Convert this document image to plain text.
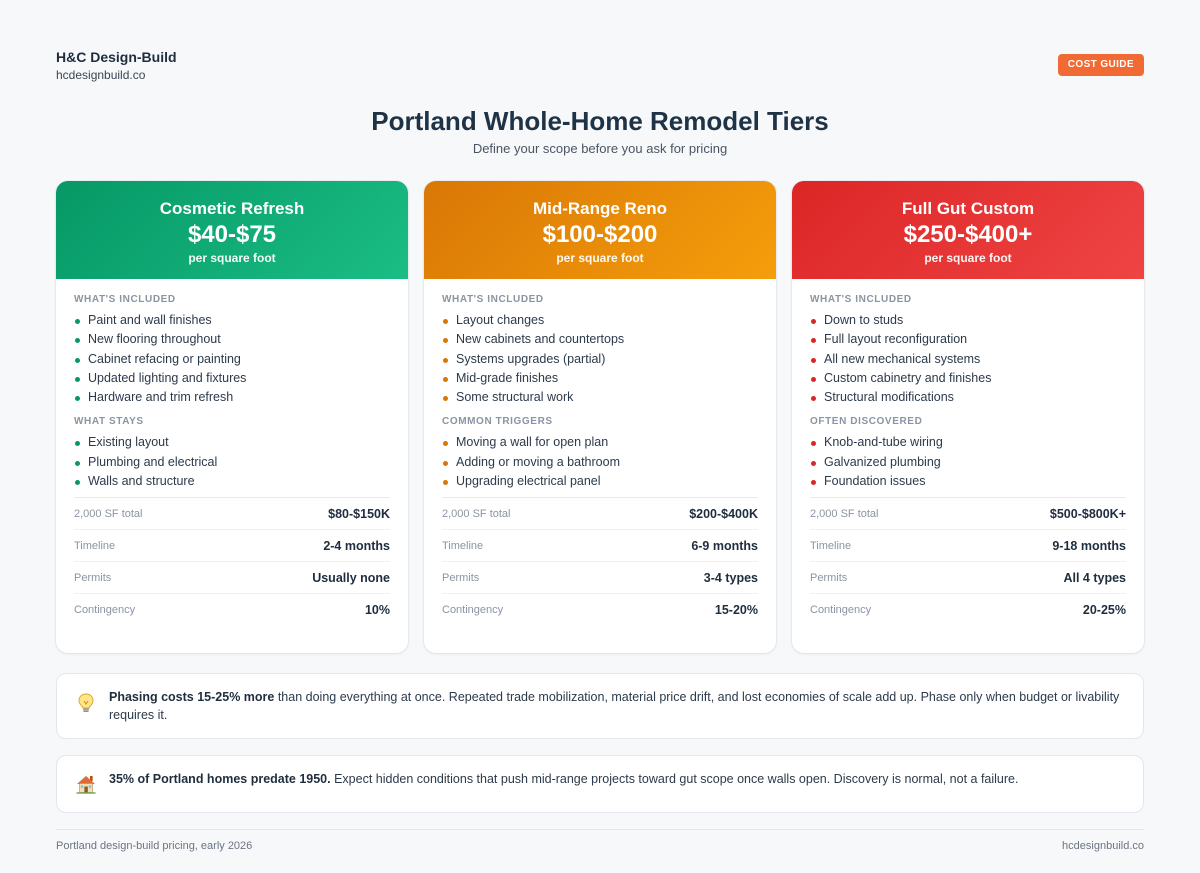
H&C Design-Build
hcdesignbuild.co
COST GUIDE
Portland Whole-Home Remodel Tiers
Define your scope before you ask for pricing
Cosmetic Refresh
$40-$75
per square foot
WHAT'S INCLUDED
Paint and wall finishes
New flooring throughout
Cabinet refacing or painting
Updated lighting and fixtures
Hardware and trim refresh
WHAT STAYS
Existing layout
Plumbing and electrical
Walls and structure
2,000 SF total	$80-$150K
Timeline	2-4 months
Permits	Usually none
Contingency	10%
Mid-Range Reno
$100-$200
per square foot
WHAT'S INCLUDED
Layout changes
New cabinets and countertops
Systems upgrades (partial)
Mid-grade finishes
Some structural work
COMMON TRIGGERS
Moving a wall for open plan
Adding or moving a bathroom
Upgrading electrical panel
2,000 SF total	$200-$400K
Timeline	6-9 months
Permits	3-4 types
Contingency	15-20%
Full Gut Custom
$250-$400+
per square foot
WHAT'S INCLUDED
Down to studs
Full layout reconfiguration
All new mechanical systems
Custom cabinetry and finishes
Structural modifications
OFTEN DISCOVERED
Knob-and-tube wiring
Galvanized plumbing
Foundation issues
2,000 SF total	$500-$800K+
Timeline	9-18 months
Permits	All 4 types
Contingency	20-25%
Phasing costs 15-25% more than doing everything at once. Repeated trade mobilization, material price drift, and lost economies of scale add up. Phase only when budget or livability requires it.
35% of Portland homes predate 1950. Expect hidden conditions that push mid-range projects toward gut scope once walls open. Discovery is normal, not a failure.
Portland design-build pricing, early 2026	hcdesignbuild.co
